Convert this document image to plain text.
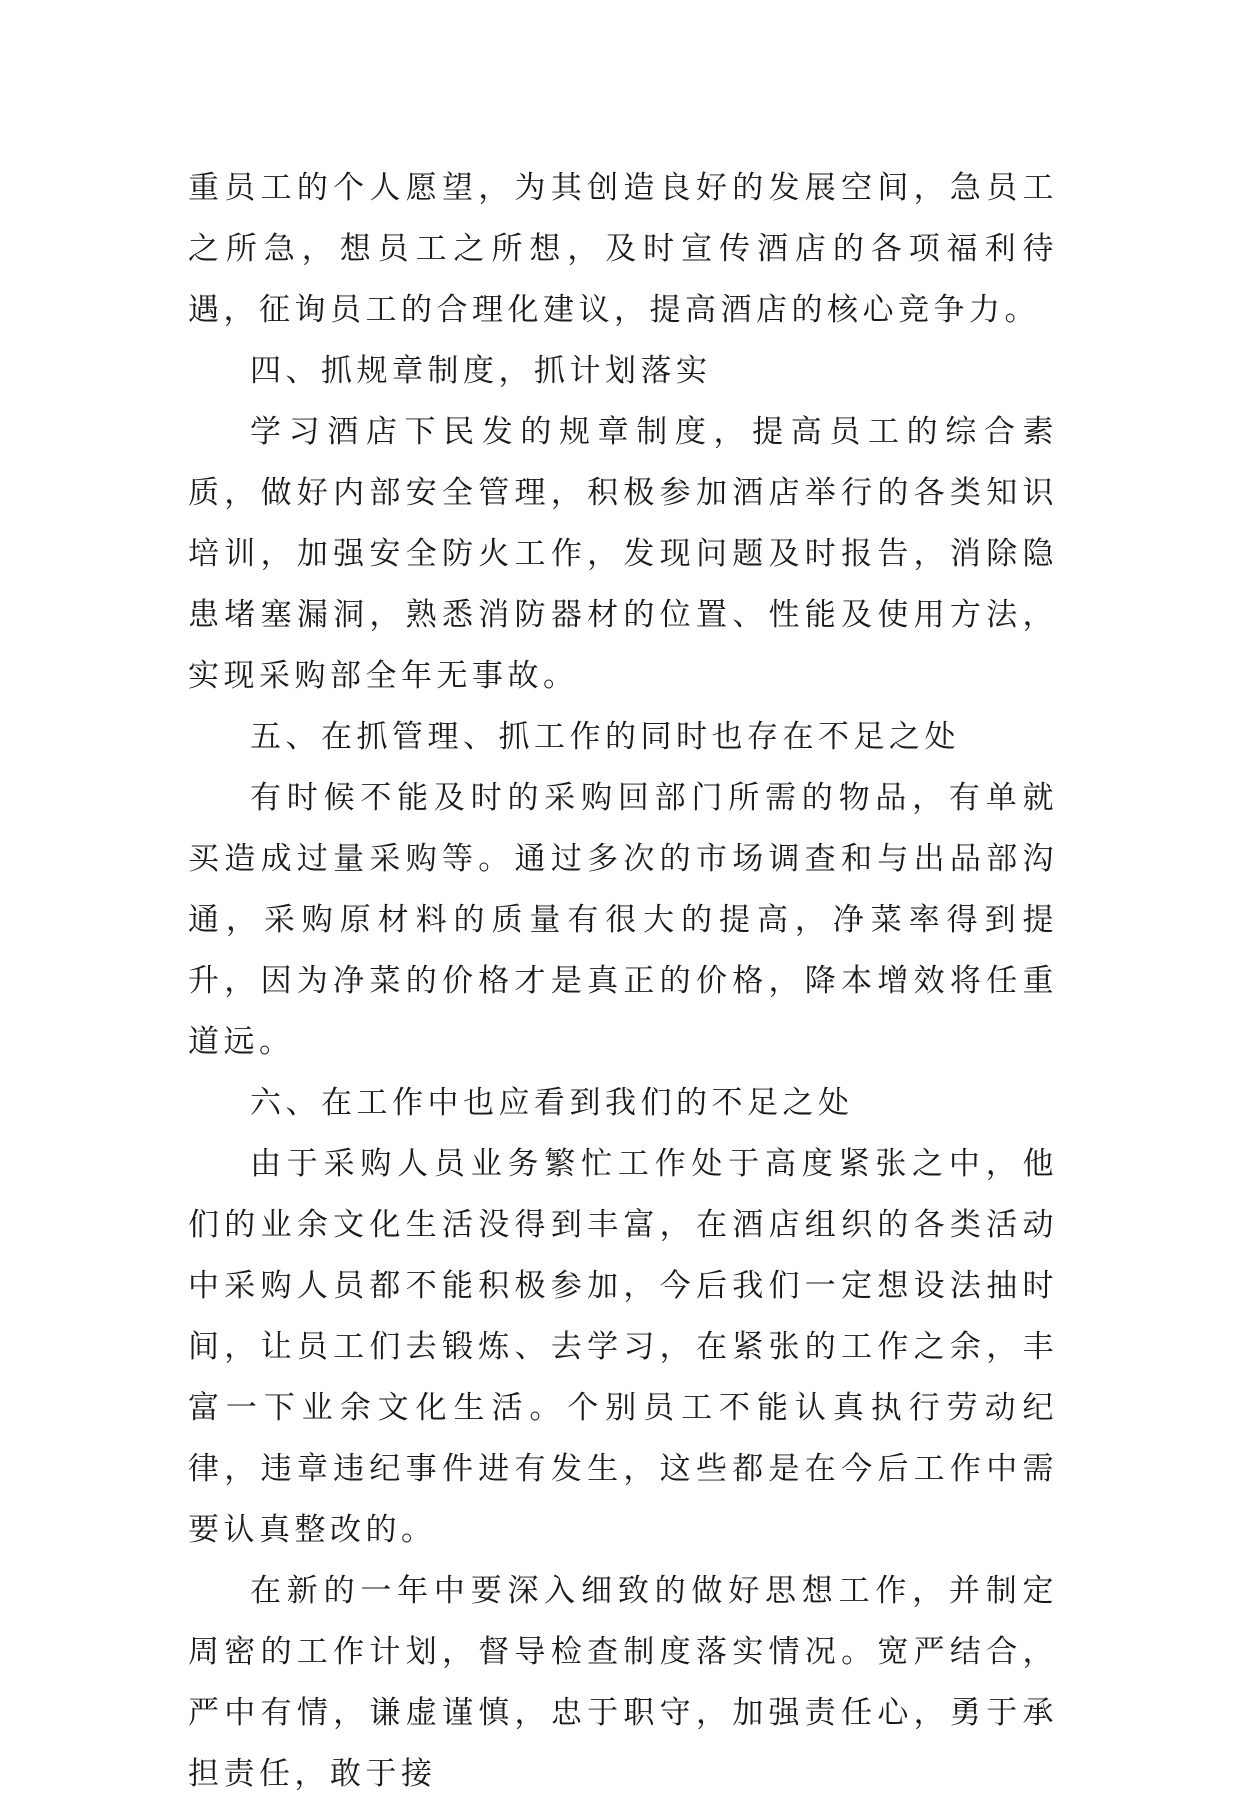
重员工的个人愿望，为其创造良好的发展空间，急员工之所急，想员工之所想，及时宣传酒店的各项福利待遇，征询员工的合理化建议，提高酒店的核心竞争力。

四、抓规章制度，抓计划落实

学习酒店下民发的规章制度，提高员工的综合素质，做好内部安全管理，积极参加酒店举行的各类知识培训，加强安全防火工作，发现问题及时报告，消除隐患堵塞漏洞，熟悉消防器材的位置、性能及使用方法，实现采购部全年无事故。

五、在抓管理、抓工作的同时也存在不足之处

有时候不能及时的采购回部门所需的物品，有单就买造成过量采购等。通过多次的市场调查和与出品部沟通，采购原材料的质量有很大的提高，净菜率得到提升，因为净菜的价格才是真正的价格，降本增效将任重道远。

六、在工作中也应看到我们的不足之处

由于采购人员业务繁忙工作处于高度紧张之中，他们的业余文化生活没得到丰富，在酒店组织的各类活动中采购人员都不能积极参加，今后我们一定想设法抽时间，让员工们去锻炼、去学习，在紧张的工作之余，丰富一下业余文化生活。个别员工不能认真执行劳动纪律，违章违纪事件进有发生，这些都是在今后工作中需要认真整改的。

在新的一年中要深入细致的做好思想工作，并制定周密的工作计划，督导检查制度落实情况。宽严结合，严中有情，谦虚谨慎，忠于职守，加强责任心，勇于承担责任，敢于接
